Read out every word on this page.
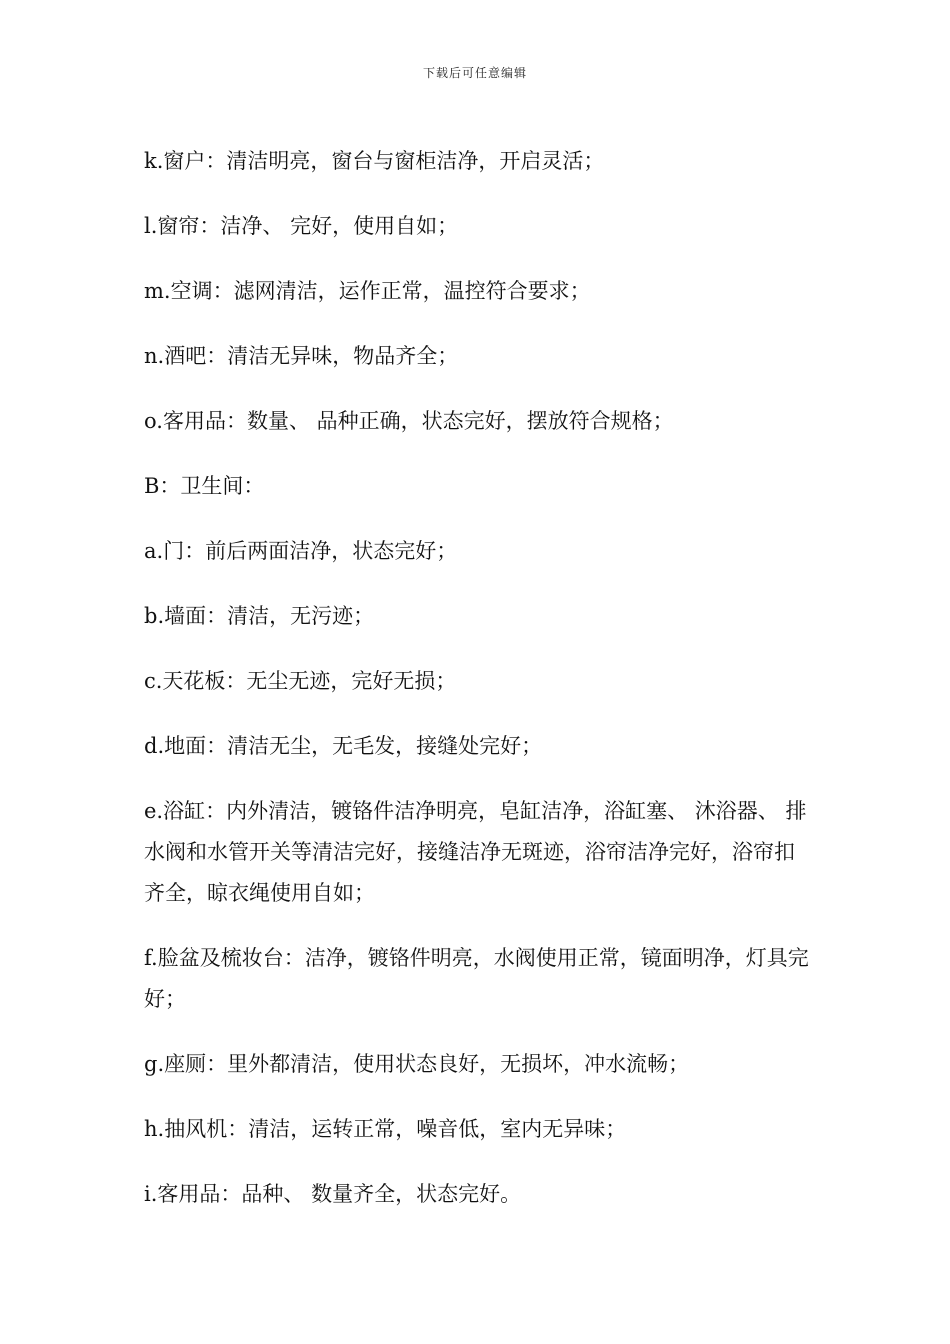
下载后可任意编辑

k.窗户：清洁明亮，窗台与窗柜洁净，开启灵活；

l.窗帘：洁净、 完好，使用自如；

m.空调：滤网清洁，运作正常，温控符合要求；

n.酒吧：清洁无异味，物品齐全；

o.客用品：数量、 品种正确，状态完好，摆放符合规格；

B：卫生间：

a.门：前后两面洁净，状态完好；

b.墙面：清洁，无污迹；

c.天花板：无尘无迹，完好无损；

d.地面：清洁无尘，无毛发，接缝处完好；

e.浴缸：内外清洁，镀铬件洁净明亮，皂缸洁净，浴缸塞、 沐浴器、 排水阀和水管开关等清洁完好，接缝洁净无斑迹，浴帘洁净完好，浴帘扣齐全，晾衣绳使用自如；

f.脸盆及梳妆台：洁净，镀铬件明亮，水阀使用正常，镜面明净，灯具完好；

g.座厕：里外都清洁，使用状态良好，无损坏，冲水流畅；

h.抽风机：清洁，运转正常，噪音低，室内无异味；

i.客用品：品种、 数量齐全，状态完好。
